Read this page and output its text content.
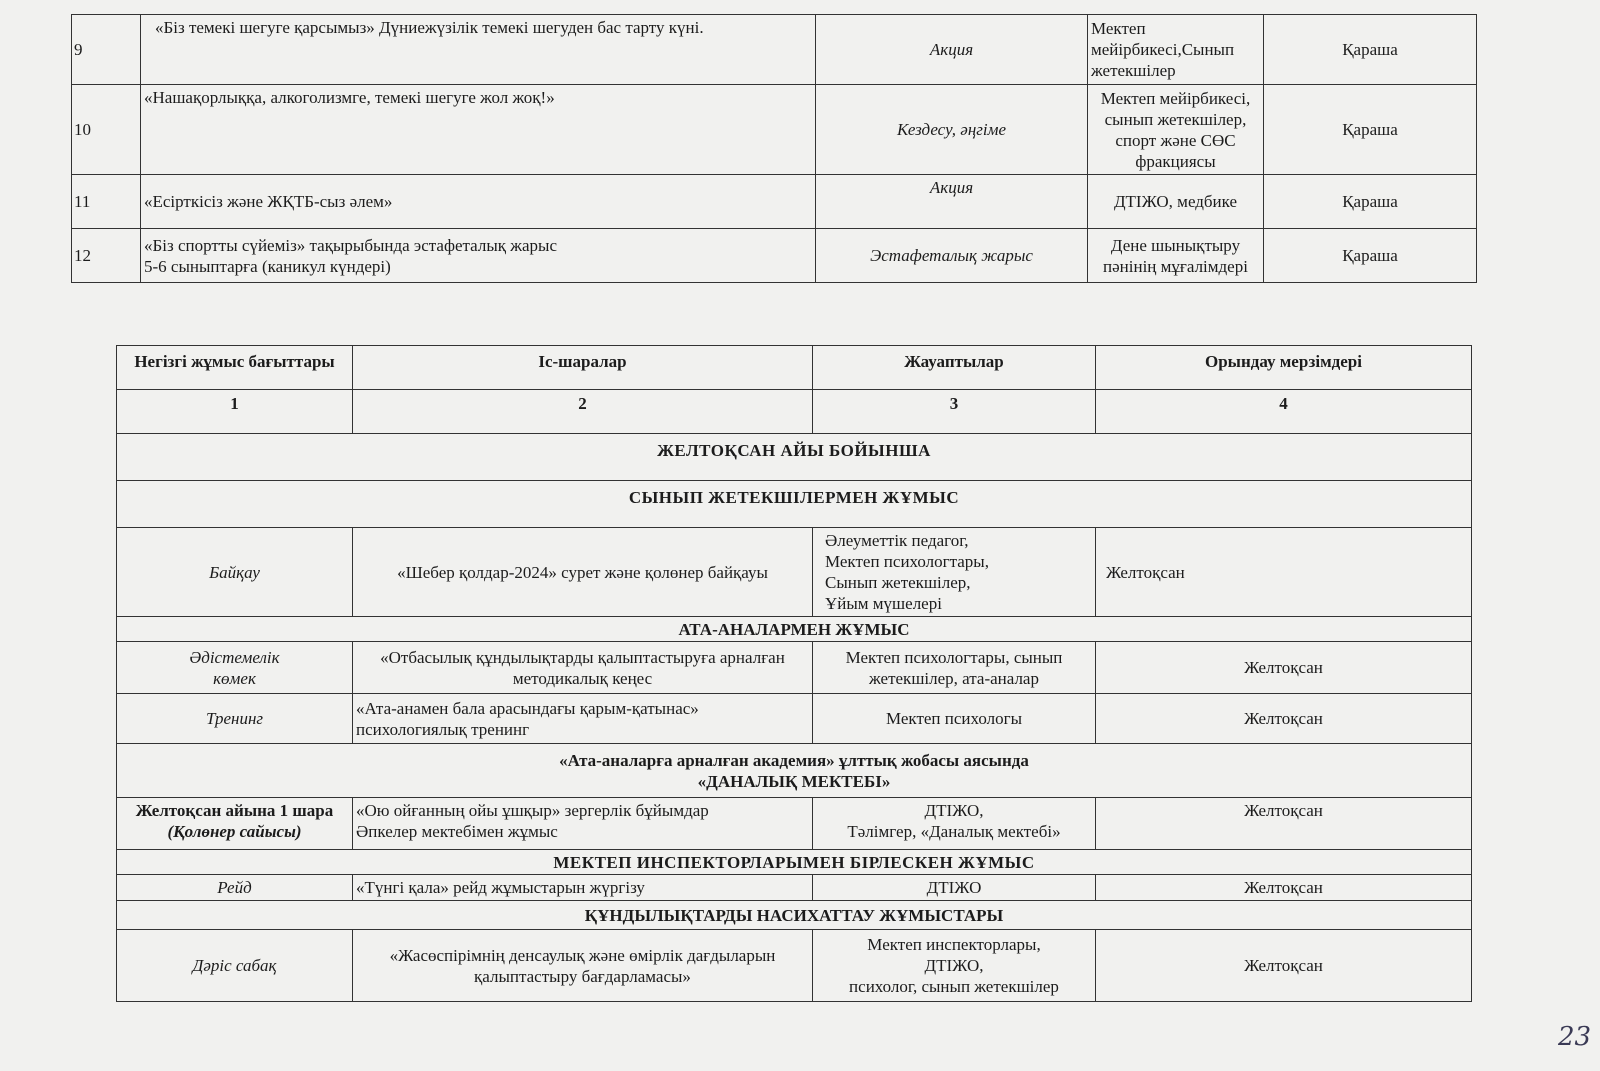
9	«Біз темекі шегуге қарсымыз» Дүниежүзілік темекі шегуден бас тарту күні.	Акция	Мектеп мейірбикесі,Сынып жетекшілер	Қараша
10	«Нашақорлыққа, алкоголизмге, темекі шегуге жол жоқ!»	Кездесу, әңгіме	Мектеп мейірбикесі, сынып жетекшілер, спорт және СӨС фракциясы	Қараша
11	«Есірткісіз және ЖҚТБ-сыз әлем»	Акция	ДТІЖО, медбике	Қараша
12	«Біз спортты сүйеміз» тақырыбында эстафеталық жарыс
5-6 сыныптарға (каникул күндері)	Эстафеталық жарыс	Дене шынықтыру пәнінің мұғалімдері	Қараша
Негізгі жұмыс бағыттары	Іс-шаралар	Жауаптылар	Орындау мерзімдері
1	2	3	4
ЖЕЛТОҚСАН АЙЫ БОЙЫНША			
СЫНЫП ЖЕТЕКШІЛЕРМЕН ЖҰМЫС			
Байқау	«Шебер қолдар-2024» сурет және қолөнер байқауы	Әлеуметтік педагог,
Мектеп психологтары,
Сынып жетекшілер,
Ұйым мүшелері	Желтоқсан
АТА-АНАЛАРМЕН ЖҰМЫС			

Әдістемелік
көмек	«Отбасылық құндылықтарды қалыптастыруға арналған методикалық кеңес	Мектеп психологтары, сынып жетекшілер, ата-аналар	Желтоқсан
Тренинг	«Ата-анамен бала арасындағы қарым-қатынас»
психологиялық тренинг	Мектеп психологы	Желтоқсан

«Ата-аналарға арналған академия» ұлттық жобасы аясында
«ДАНАЛЫҚ МЕКТЕБІ»			

Желтоқсан айына 1 шара
(Қолөнер сайысы)	«Ою ойғанның ойы ұшқыр» зергерлік бұйымдар
Әпкелер мектебімен жұмыс	ДТІЖО,
Тәлімгер, «Даналық мектебі»	Желтоқсан
МЕКТЕП ИНСПЕКТОРЛАРЫМЕН БІРЛЕСКЕН ЖҰМЫС			
Рейд	«Түнгі қала» рейд жұмыстарын жүргізу	ДТІЖО	Желтоқсан
ҚҰНДЫЛЫҚТАРДЫ НАСИХАТТАУ ЖҰМЫСТАРЫ			
Дәріс сабақ	«Жасөспірімнің денсаулық және өмірлік дағдыларын қалыптастыру бағдарламасы»	Мектеп инспекторлары,
ДТІЖО,
психолог, сынып жетекшілер	Желтоқсан
23
